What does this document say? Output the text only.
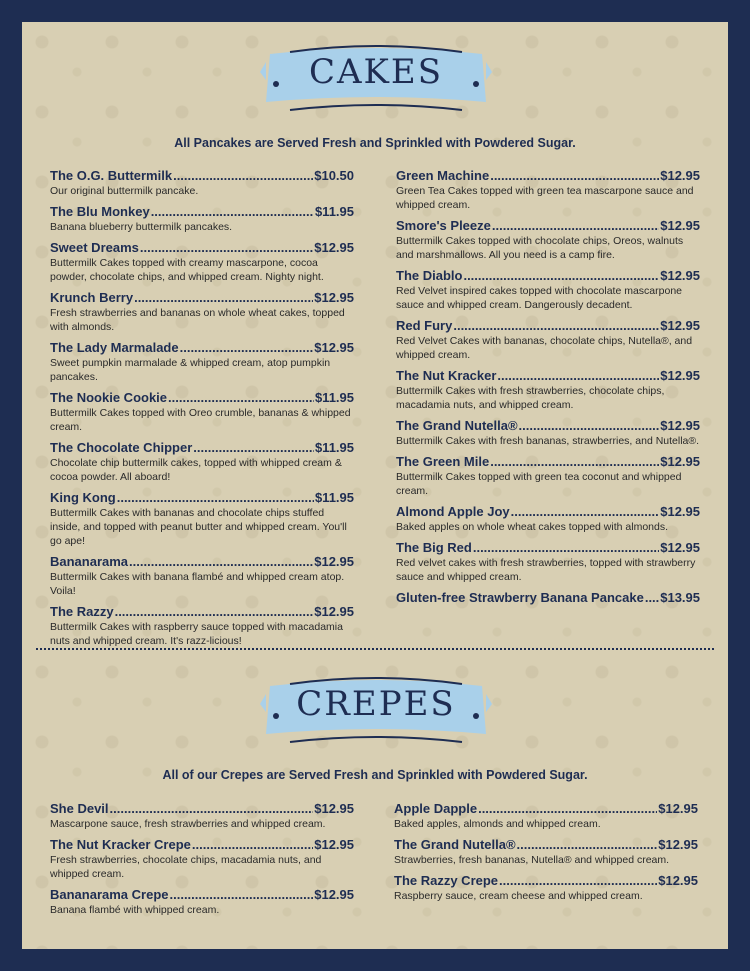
CAKES
All Pancakes are Served Fresh and Sprinkled with Powdered Sugar.
The O.G. Buttermilk .....	$10.50
Our original buttermilk pancake.
The Blu Monkey .....	$11.95
Banana blueberry buttermilk pancakes.
Sweet Dreams .....	$12.95
Buttermilk Cakes topped with creamy mascarpone, cocoa powder, chocolate chips, and whipped cream. Nighty night.
Krunch Berry .....	$12.95
Fresh strawberries and bananas on whole wheat cakes, topped with almonds.
The Lady Marmalade .....	$12.95
Sweet pumpkin marmalade & whipped cream, atop pumpkin pancakes.
The Nookie Cookie .....	$11.95
Buttermilk Cakes topped with Oreo crumble, bananas & whipped cream.
The Chocolate Chipper .....	$11.95
Chocolate chip buttermilk cakes, topped with whipped cream & cocoa powder. All aboard!
King Kong .....	$11.95
Buttermilk Cakes with bananas and chocolate chips stuffed inside, and topped with peanut butter and whipped cream. You'll go ape!
Bananarama .....	$12.95
Buttermilk Cakes with banana flambé and whipped cream atop. Voila!
The Razzy .....	$12.95
Buttermilk Cakes with raspberry sauce topped with macadamia nuts and whipped cream. It's razz-licious!
Green Machine .....	$12.95
Green Tea Cakes topped with green tea mascarpone sauce and whipped cream.
Smore's Pleeze .....	$12.95
Buttermilk Cakes topped with chocolate chips, Oreos, walnuts and marshmallows. All you need is a camp fire.
The Diablo .....	$12.95
Red Velvet inspired cakes topped with chocolate mascarpone sauce and whipped cream. Dangerously decadent.
Red Fury .....	$12.95
Red Velvet Cakes with bananas, chocolate chips, Nutella®, and whipped cream.
The Nut Kracker .....	$12.95
Buttermilk Cakes with fresh strawberries, chocolate chips, macadamia nuts, and whipped cream.
The Grand Nutella® .....	$12.95
Buttermilk Cakes with fresh bananas, strawberries, and Nutella®.
The Green Mile .....	$12.95
Buttermilk Cakes topped with green tea coconut and whipped cream.
Almond Apple Joy .....	$12.95
Baked apples on whole wheat cakes topped with almonds.
The Big Red .....	$12.95
Red velvet cakes with fresh strawberries, topped with strawberry sauce and whipped cream.
Gluten-free Strawberry Banana Pancake ..... $13.95
CREPES
All of our Crepes are Served Fresh and Sprinkled with Powdered Sugar.
She Devil .....	$12.95
Mascarpone sauce, fresh strawberries and whipped cream.
The Nut Kracker Crepe .....	$12.95
Fresh strawberries, chocolate chips, macadamia nuts, and whipped cream.
Bananarama Crepe .....	$12.95
Banana flambé with whipped cream.
Apple Dapple .....	$12.95
Baked apples, almonds and whipped cream.
The Grand Nutella® .....	$12.95
Strawberries, fresh bananas, Nutella® and whipped cream.
The Razzy Crepe .....	$12.95
Raspberry sauce, cream cheese and whipped cream.
